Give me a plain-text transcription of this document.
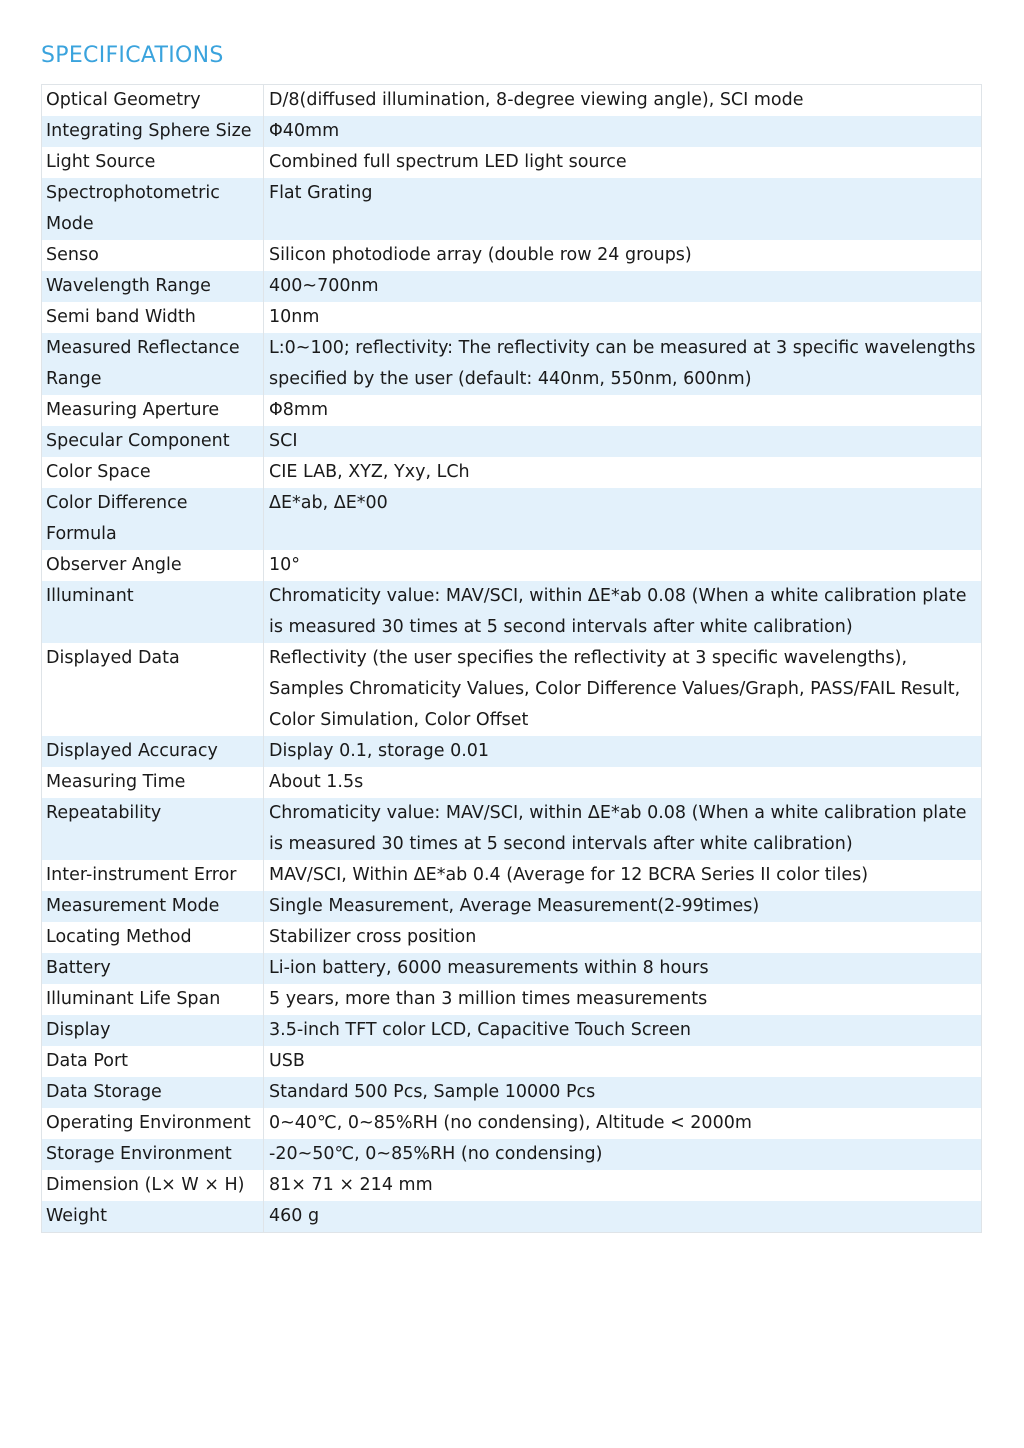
SPECIFICATIONS
Optical Geometry	D/8(diffused illumination, 8-degree viewing angle), SCI mode
Integrating Sphere Size	Φ40mm
Light Source	Combined full spectrum LED light source
Spectrophotometric Mode	Flat Grating
Senso	Silicon photodiode array (double row 24 groups)
Wavelength Range	400~700nm
Semi band Width	10nm
Measured Reflectance Range	L:0~100; reflectivity: The reflectivity can be measured at 3 specific wavelengths specified by the user (default: 440nm, 550nm, 600nm)
Measuring Aperture	Φ8mm
Specular Component	SCI
Color Space	CIE LAB, XYZ, Yxy, LCh
Color Difference Formula	ΔE*ab, ΔE*00
Observer Angle	10°
Illuminant	Chromaticity value: MAV/SCI, within ΔE*ab 0.08 (When a white calibration plate is measured 30 times at 5 second intervals after white calibration)
Displayed Data	Reflectivity (the user specifies the reflectivity at 3 specific wavelengths), Samples Chromaticity Values, Color Difference Values/Graph, PASS/FAIL Result, Color Simulation, Color Offset
Displayed Accuracy	Display 0.1, storage 0.01
Measuring Time	About 1.5s
Repeatability	Chromaticity value: MAV/SCI, within ΔE*ab 0.08 (When a white calibration plate is measured 30 times at 5 second intervals after white calibration)
Inter-instrument Error	MAV/SCI, Within ΔE*ab 0.4 (Average for 12 BCRA Series II color tiles)
Measurement Mode	Single Measurement, Average Measurement(2-99times)
Locating Method	Stabilizer cross position
Battery	Li-ion battery, 6000 measurements within 8 hours
Illuminant Life Span	5 years, more than 3 million times measurements
Display	3.5-inch TFT color LCD, Capacitive Touch Screen
Data Port	USB
Data Storage	Standard 500 Pcs, Sample 10000 Pcs
Operating Environment	0~40℃, 0~85%RH (no condensing), Altitude < 2000m
Storage Environment	-20~50℃, 0~85%RH (no condensing)
Dimension (L× W × H)	81× 71 × 214 mm
Weight	460 g
